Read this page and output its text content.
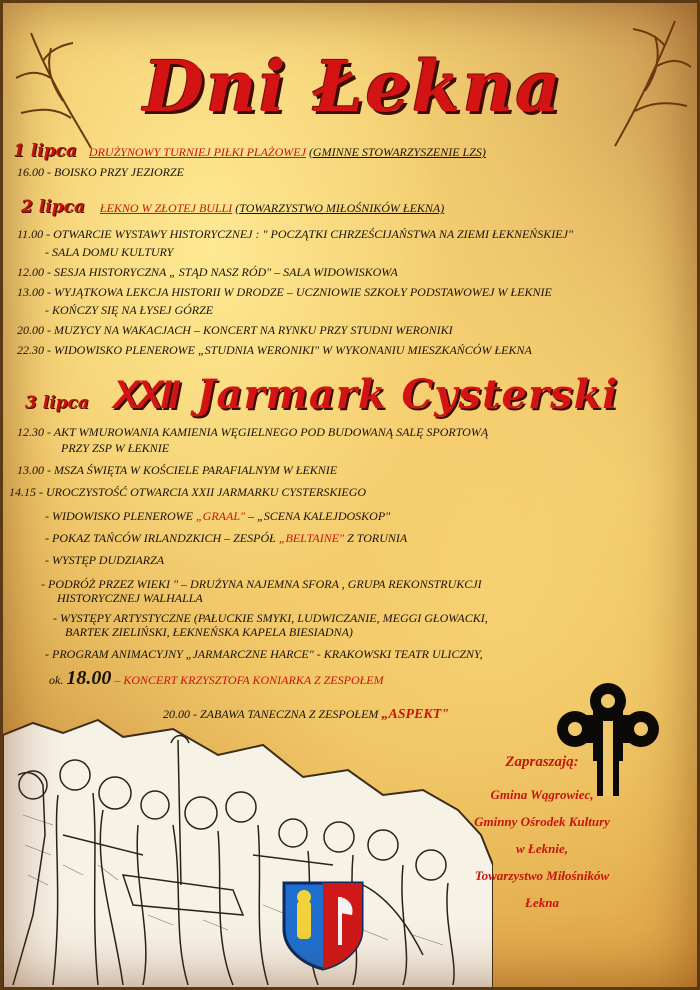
Dni Łekna
1 lipca DRUŻYNOWY TURNIEJ PIŁKI PLAŻOWEJ (GMINNE STOWARZYSZENIE LZS)
16.00 - BOISKO PRZY JEZIORZE
2 lipca ŁEKNO W ZŁOTEJ BULLI (TOWARZYSTWO MIŁOŚNIKÓW ŁEKNA)
11.00 - OTWARCIE WYSTAWY HISTORYCZNEJ : " POCZĄTKI CHRZEŚCIJAŃSTWA NA ZIEMI ŁEKNEŃSKIEJ"
- SALA DOMU KULTURY
12.00 - SESJA HISTORYCZNA „ STĄD NASZ RÓD" – SALA WIDOWISKOWA
13.00 - WYJĄTKOWA LEKCJA HISTORII W DRODZE – UCZNIOWIE SZKOŁY PODSTAWOWEJ W ŁEKNIE
- KOŃCZY SIĘ NA ŁYSEJ GÓRZE
20.00 - MUZYCY NA WAKACJACH – KONCERT NA RYNKU PRZY STUDNI WERONIKI
22.30 - WIDOWISKO PLENEROWE „STUDNIA WERONIKI" W WYKONANIU MIESZKAŃCÓW ŁEKNA
3 lipca XXII Jarmark Cysterski
12.30 - AKT WMUROWANIA KAMIENIA WĘGIELNEGO POD BUDOWANĄ SALĘ SPORTOWĄ
PRZY ZSP W ŁEKNIE
13.00 - MSZA ŚWIĘTA W KOŚCIELE PARAFIALNYM W ŁEKNIE
14.15 - UROCZYSTOŚĆ OTWARCIA XXII JARMARKU CYSTERSKIEGO
- WIDOWISKO PLENEROWE „GRAAL" – „SCENA KALEJDOSKOP"
- POKAZ TAŃCÓW IRLANDZKICH – ZESPÓŁ „BELTAINE" Z TORUNIA
- WYSTĘP DUDZIARZA
- PODRÓŻ PRZEZ WIEKI " – DRUŻYNA NAJEMNA SFORA , GRUPA REKONSTRUKCJI
HISTORYCZNEJ WALHALLA
- WYSTĘPY ARTYSTYCZNE (PAŁUCKIE SMYKI, LUDWICZANIE, MEGGI GŁOWACKI,
BARTEK ZIELIŃSKI, ŁEKNEŃSKA KAPELA BIESIADNA)
- PROGRAM ANIMACYJNY „JARMARCZNE HARCE" - KRAKOWSKI TEATR ULICZNY,
ok. 18.00 – KONCERT KRZYSZTOFA KONIARKA Z ZESPOŁEM
20.00 - ZABAWA TANECZNA Z ZESPOŁEM „ASPEKT"
Zapraszają:
Gmina Wągrowiec,
Gminny Ośrodek Kultury
w Łeknie,
Towarzystwo Miłośników
Łekna
